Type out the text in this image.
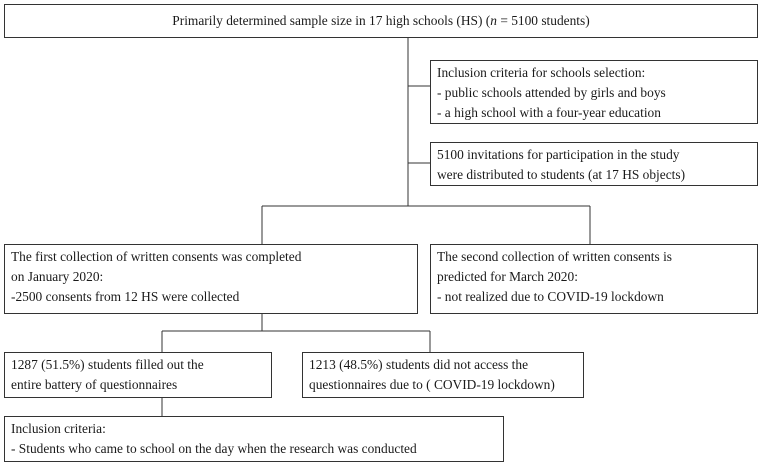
Primarily determined sample size in 17 high schools (HS) (n = 5100 students)
Inclusion criteria for schools selection:
- public schools attended by girls and boys
- a high school with a four-year education
5100 invitations for participation in the study
were distributed to students (at 17 HS objects)
The first collection of written consents was completed
on January 2020:
-2500 consents from 12 HS were collected
The second collection of written consents is
predicted for March 2020:
- not realized due to COVID-19 lockdown
1287 (51.5%) students filled out the
entire battery of questionnaires
1213 (48.5%) students did not access the
questionnaires due to ( COVID-19 lockdown)
Inclusion criteria:
- Students who came to school on the day when the research was conducted
